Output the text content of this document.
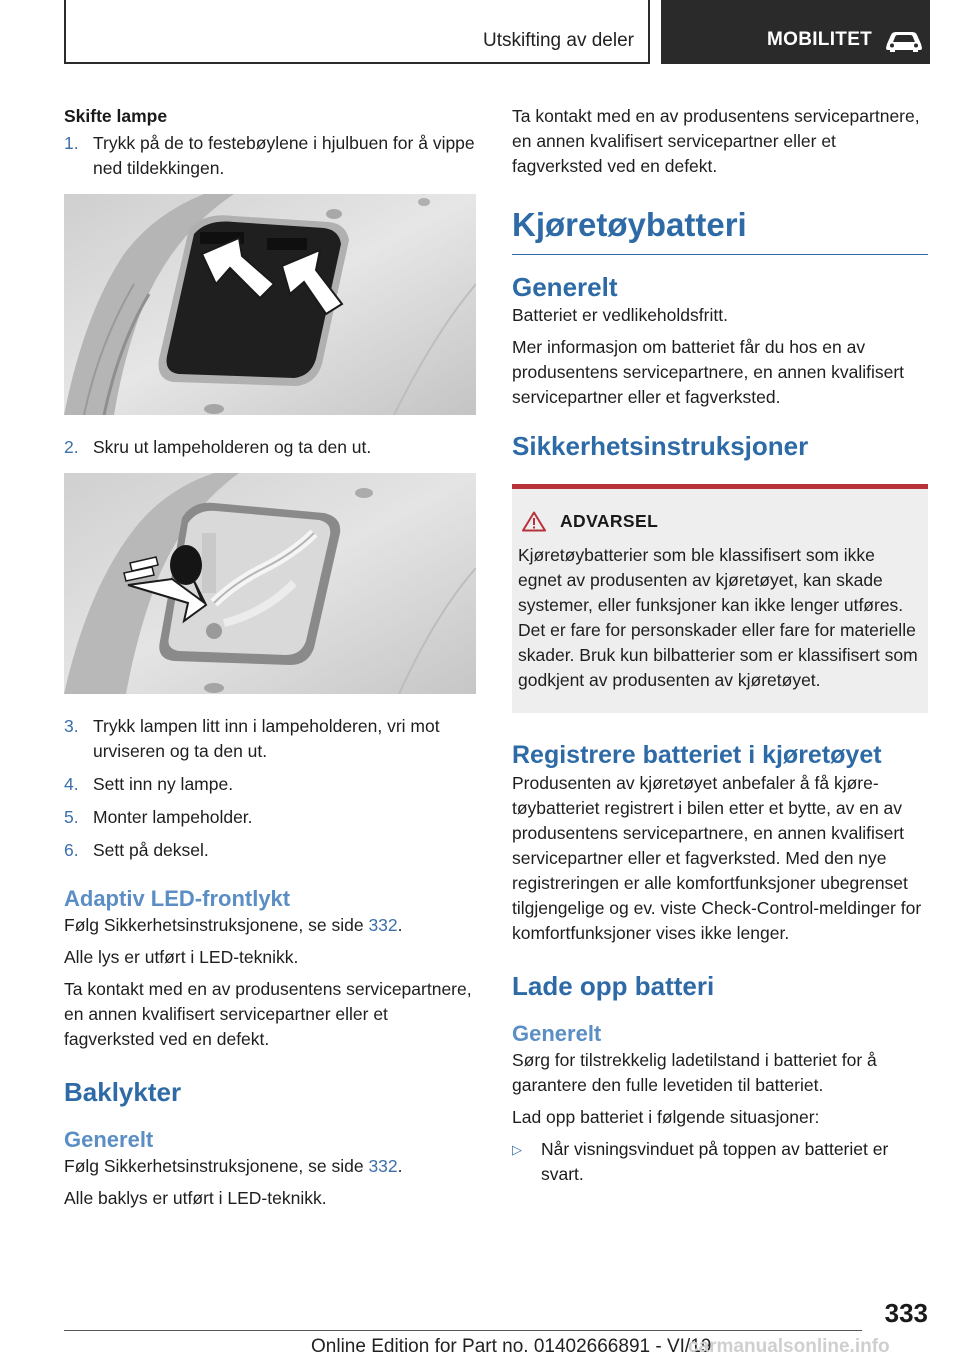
Utskifting av deler	MOBILITET
Skifte lampe
1. Trykk på de to festebøylene i hjulbuen for å vippe ned tildekkingen.
2. Skru ut lampeholderen og ta den ut.
3. Trykk lampen litt inn i lampeholderen, vri mot urviseren og ta den ut.
4. Sett inn ny lampe.
5. Monter lampeholder.
6. Sett på deksel.
Adaptiv LED-frontlykt

Følg Sikkerhetsinstruksjonene, se side 332.

Alle lys er utført i LED-teknikk.

Ta kontakt med en av produsentens servicepartnere, en annen kvalifisert servicepartner eller et fagverksted ved en defekt.

Baklykter
Generelt

Følg Sikkerhetsinstruksjonene, se side 332.

Alle baklys er utført i LED-teknikk.

Ta kontakt med en av produsentens servicepartnere, en annen kvalifisert servicepartner eller et fagverksted ved en defekt.

Kjøretøybatteri
Generelt

Batteriet er vedlikeholdsfritt.

Mer informasjon om batteriet får du hos en av produsentens servicepartnere, en annen kvalifisert servicepartner eller et fagverksted.

Sikkerhetsinstruksjoner
ADVARSEL

Kjøretøybatterier som ble klassifisert som ikke egnet av produsenten av kjøretøyet, kan skade systemer, eller funksjoner kan ikke lenger utføres. Det er fare for personskader eller fare for materielle skader. Bruk kun bilbatterier som er klassifisert som godkjent av produsenten av kjøretøyet.

Registrere batteriet i kjøretøyet

Produsenten av kjøretøyet anbefaler å få kjøretøybatteriet registrert i bilen etter et bytte, av en av produsentens servicepartnere, en annen kvalifisert servicepartner eller et fagverksted. Med den nye registreringen er alle komfortfunksjoner ubegrenset tilgjengelige og ev. viste Check-Control-meldinger for komfortfunksjoner vises ikke lenger.

Lade opp batteri
Generelt

Sørg for tilstrekkelig ladetilstand i batteriet for å garantere den fulle levetiden til batteriet.

Lad opp batteriet i følgende situasjoner:

▷ Når visningsvinduet på toppen av batteriet er svart.
333
Online Edition for Part no. 01402666891 - VI/19
carmanualsonline.info
